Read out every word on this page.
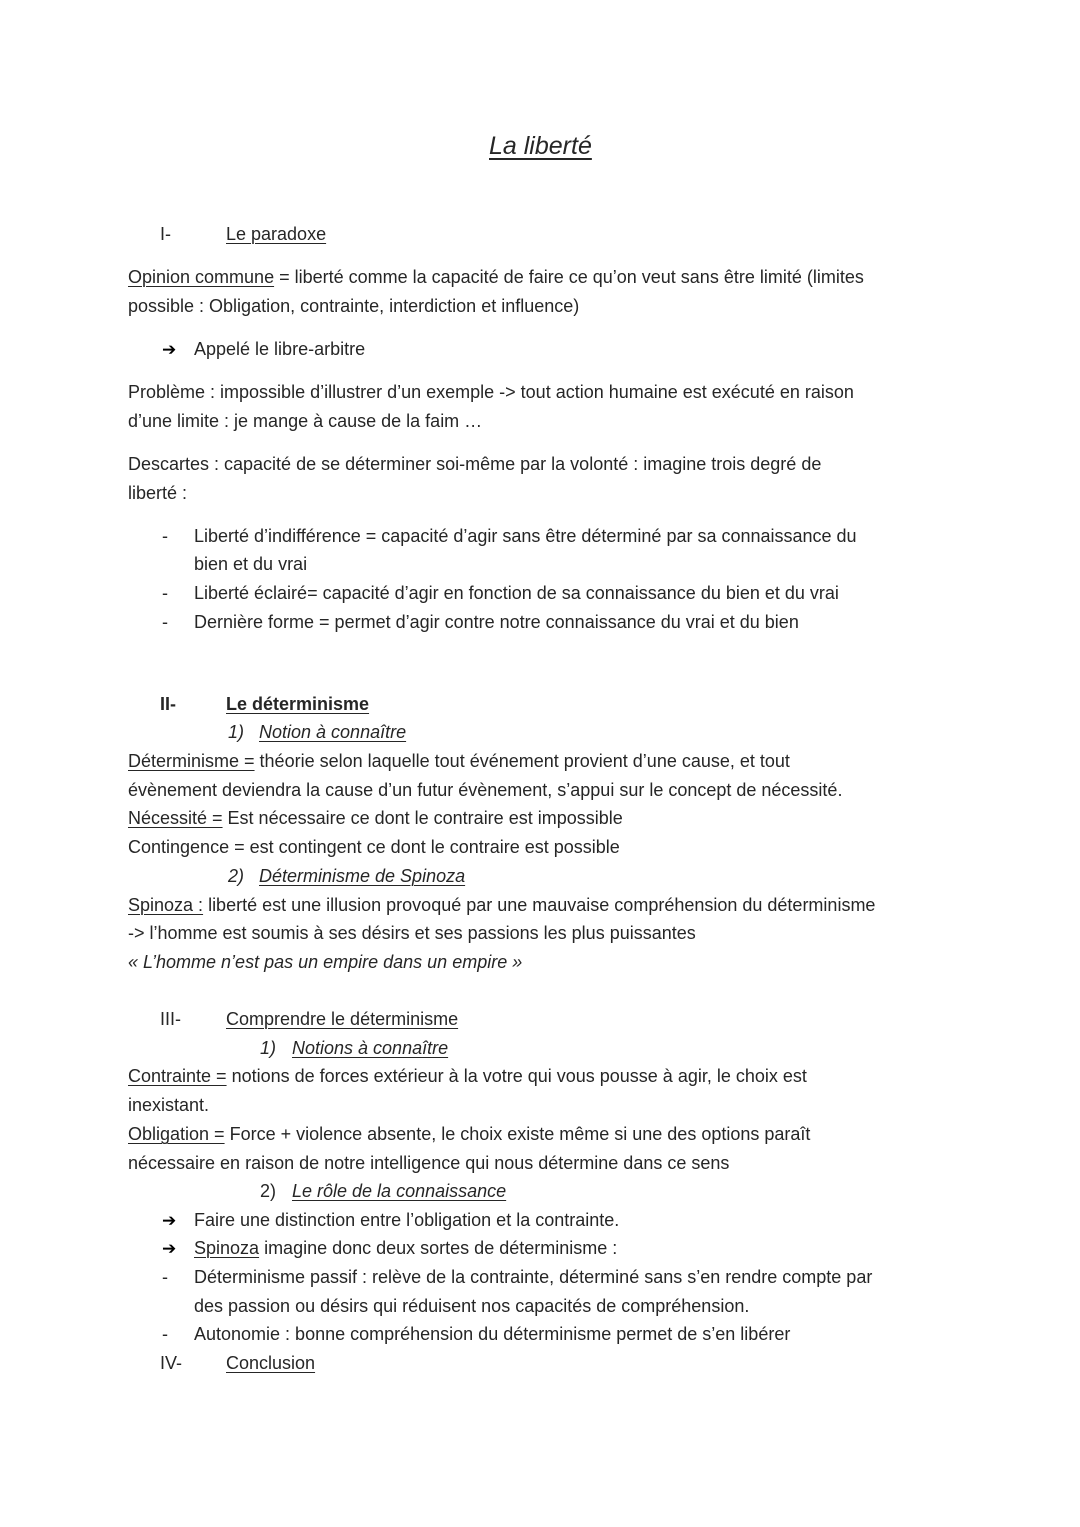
La liberté
I-	Le paradoxe
Opinion commune = liberté comme la capacité de faire ce qu’on veut sans être limité (limites
possible : Obligation, contrainte, interdiction et influence)
➔ Appelé le libre-arbitre
Problème : impossible d’illustrer d’un exemple -> tout action humaine est exécuté en raison
d’une limite : je mange à cause de la faim …
Descartes : capacité de se déterminer soi-même par la volonté : imagine trois degré de
liberté :
- Liberté d’indifférence = capacité d’agir sans être déterminé par sa connaissance du
bien et du vrai
- Liberté éclairé= capacité d’agir en fonction de sa connaissance du bien et du vrai
- Dernière forme = permet d’agir contre notre connaissance du vrai et du bien
II-	Le déterminisme
1) Notion à connaître
Déterminisme = théorie selon laquelle tout événement provient d’une cause, et tout
évènement deviendra la cause d’un futur évènement, s’appui sur le concept de nécessité.
Nécessité = Est nécessaire ce dont le contraire est impossible
Contingence = est contingent ce dont le contraire est possible
2) Déterminisme de Spinoza
Spinoza : liberté est une illusion provoqué par une mauvaise compréhension du déterminisme
-> l’homme est soumis à ses désirs et ses passions les plus puissantes
« L’homme n’est pas un empire dans un empire »
III-	Comprendre le déterminisme
1) Notions à connaître
Contrainte = notions de forces extérieur à la votre qui vous pousse à agir, le choix est
inexistant.
Obligation = Force + violence absente, le choix existe même si une des options paraît
nécessaire en raison de notre intelligence qui nous détermine dans ce sens
2) Le rôle de la connaissance
➔ Faire une distinction entre l’obligation et la contrainte.
➔ Spinoza imagine donc deux sortes de déterminisme :
- Déterminisme passif : relève de la contrainte, déterminé sans s’en rendre compte par
des passion ou désirs qui réduisent nos capacités de compréhension.
- Autonomie : bonne compréhension du déterminisme permet de s’en libérer
IV- Conclusion
